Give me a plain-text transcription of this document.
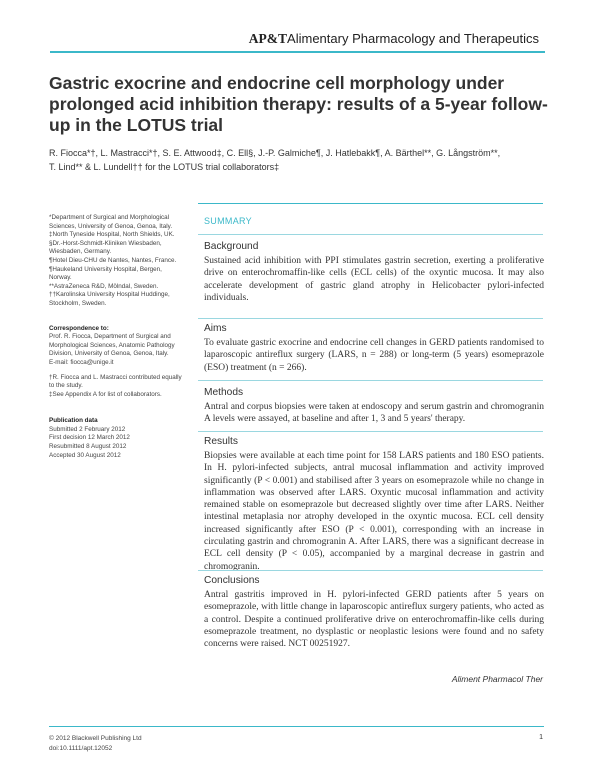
AP&T Alimentary Pharmacology and Therapeutics
Gastric exocrine and endocrine cell morphology under prolonged acid inhibition therapy: results of a 5-year follow-up in the LOTUS trial
R. Fiocca*†, L. Mastracci*†, S. E. Attwood‡, C. Ell§, J.-P. Galmiche¶, J. Hatlebakk¶, A. Bärthel**, G. Långström**,
T. Lind** & L. Lundell†† for the LOTUS trial collaborators‡
*Department of Surgical and Morphological Sciences, University of Genoa, Genoa, Italy.
‡North Tyneside Hospital, North Shields, UK.
§Dr.-Horst-Schmidt-Kliniken Wiesbaden, Wiesbaden, Germany.
¶Hotel Dieu-CHU de Nantes, Nantes, France.
¶Haukeland University Hospital, Bergen, Norway.
**AstraZeneca R&D, Mölndal, Sweden.
††Karolinska University Hospital Huddinge, Stockholm, Sweden.
Correspondence to:
Prof. R. Fiocca, Department of Surgical and Morphological Sciences, Anatomic Pathology Division, University of Genoa, Genoa, Italy.
E-mail: fiocca@unige.it
†R. Fiocca and L. Mastracci contributed equally to the study.
‡See Appendix A for list of collaborators.
Publication data
Submitted 2 February 2012
First decision 12 March 2012
Resubmitted 8 August 2012
Accepted 30 August 2012
SUMMARY
Background

Sustained acid inhibition with PPI stimulates gastrin secretion, exerting a proliferative drive on enterochromaffin-like cells (ECL cells) of the oxyntic mucosa. It may also accelerate development of gastric gland atrophy in Helicobacter pylori-infected individuals.

Aims

To evaluate gastric exocrine and endocrine cell changes in GERD patients randomised to laparoscopic antireflux surgery (LARS, n = 288) or long-term (5 years) esomeprazole (ESO) treatment (n = 266).

Methods

Antral and corpus biopsies were taken at endoscopy and serum gastrin and chromogranin A levels were assayed, at baseline and after 1, 3 and 5 years' therapy.

Results

Biopsies were available at each time point for 158 LARS patients and 180 ESO patients. In H. pylori-infected subjects, antral mucosal inflammation and activity improved significantly (P < 0.001) and stabilised after 3 years on esomeprazole while no change in inflammation was observed after LARS. Oxyntic mucosal inflammation and activity remained stable on esomeprazole but decreased slightly over time after LARS. Neither intestinal metaplasia nor atrophy developed in the oxyntic mucosa. ECL cell density increased significantly after ESO (P < 0.001), corresponding with an increase in circulating gastrin and chromogranin A. After LARS, there was a significant decrease in ECL cell density (P < 0.05), accompanied by a marginal decrease in gastrin and chromogranin.

Conclusions

Antral gastritis improved in H. pylori-infected GERD patients after 5 years on esomeprazole, with little change in laparoscopic antireflux surgery patients, who acted as a control. Despite a continued proliferative drive on enterochromaffin-like cells during esomeprazole treatment, no dysplastic or neoplastic lesions were found and no safety concerns were raised. NCT 00251927.

Aliment Pharmacol Ther
© 2012 Blackwell Publishing Ltd
doi:10.1111/apt.12052
1
